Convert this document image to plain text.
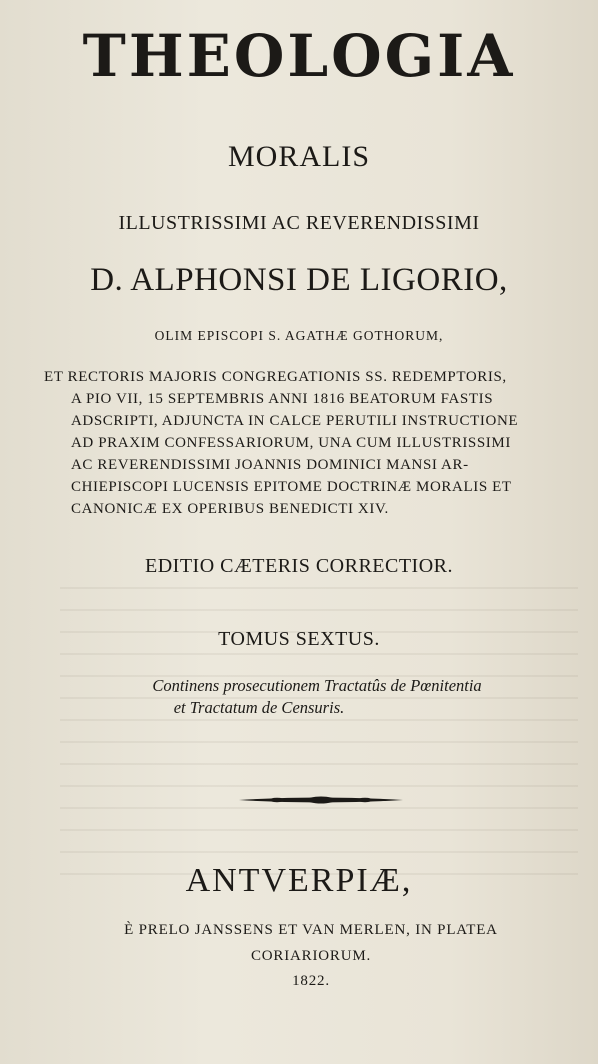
THEOLOGIA
MORALIS
ILLUSTRISSIMI AC REVERENDISSIMI
D. ALPHONSI DE LIGORIO,
OLIM EPISCOPI S. AGATHÆ GOTHORUM,
ET RECTORIS MAJORIS CONGREGATIONIS SS. REDEMPTORIS,
A PIO VII, 15 SEPTEMBRIS ANNI 1816 BEATORUM FASTIS
ADSCRIPTI, ADJUNCTA IN CALCE PERUTILI INSTRUCTIONE
AD PRAXIM CONFESSARIORUM, UNA CUM ILLUSTRISSIMI
AC REVERENDISSIMI JOANNIS DOMINICI MANSI AR-
CHIEPISCOPI LUCENSIS EPITOME DOCTRINÆ MORALIS ET
CANONICÆ EX OPERIBUS BENEDICTI XIV.
EDITIO CÆTERIS CORRECTIOR.
TOMUS SEXTUS.
Continens prosecutionem Tractatûs de Pœnitentia
et Tractatum de Censuris.
ANTVERPIÆ,
È PRELO JANSSENS ET VAN MERLEN, IN PLATEA
CORIARIORUM.
1822.
